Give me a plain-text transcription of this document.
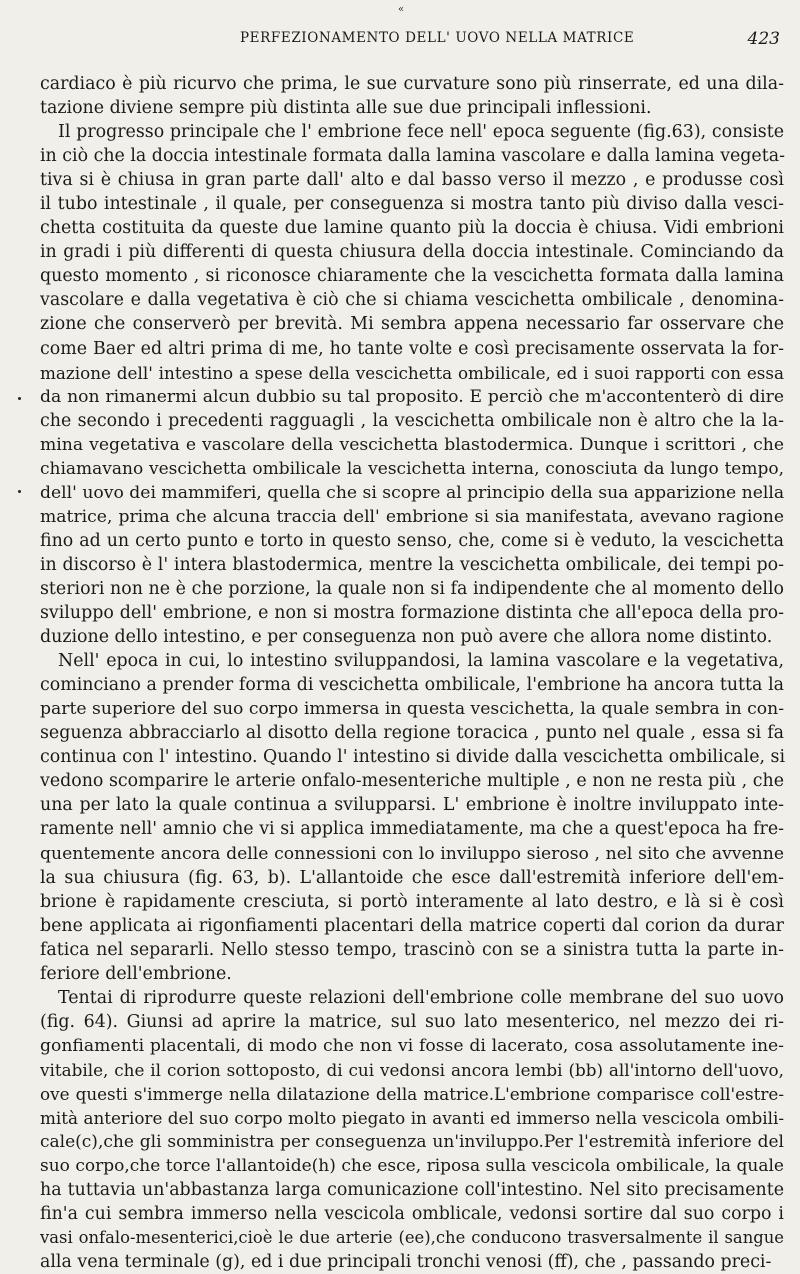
«
PERFEZIONAMENTO DELL' UOVO NELLA MATRICE	423
cardiaco è più ricurvo che prima, le sue curvature sono più rinserrate, ed una dila-
tazione diviene sempre più distinta alle sue due principali inflessioni.
Il progresso principale che l' embrione fece nell' epoca seguente (fig.63), consiste
in ciò che la doccia intestinale formata dalla lamina vascolare e dalla lamina vegeta-
tiva si è chiusa in gran parte dall' alto e dal basso verso il mezzo , e produsse così
il tubo intestinale , il quale, per conseguenza si mostra tanto più diviso dalla vesci-
chetta costituita da queste due lamine quanto più la doccia è chiusa. Vidi embrioni
in gradi i più differenti di questa chiusura della doccia intestinale. Cominciando da
questo momento , si riconosce chiaramente che la vescichetta formata dalla lamina
vascolare e dalla vegetativa è ciò che si chiama vescichetta ombilicale , denomina-
zione che conserverò per brevità. Mi sembra appena necessario far osservare che
come Baer ed altri prima di me, ho tante volte e così precisamente osservata la for-
mazione dell' intestino a spese della vescichetta ombilicale, ed i suoi rapporti con essa
da non rimanermi alcun dubbio su tal proposito. E perciò che m'accontenterò di dire
che secondo i precedenti ragguagli , la vescichetta ombilicale non è altro che la la-
mina vegetativa e vascolare della vescichetta blastodermica. Dunque i scrittori , che
chiamavano vescichetta ombilicale la vescichetta interna, conosciuta da lungo tempo,
dell' uovo dei mammiferi, quella che si scopre al principio della sua apparizione nella
matrice, prima che alcuna traccia dell' embrione si sia manifestata, avevano ragione
fino ad un certo punto e torto in questo senso, che, come si è veduto, la vescichetta
in discorso è l' intera blastodermica, mentre la vescichetta ombilicale, dei tempi po-
steriori non ne è che porzione, la quale non si fa indipendente che al momento dello
sviluppo dell' embrione, e non si mostra formazione distinta che all'epoca della pro-
duzione dello intestino, e per conseguenza non può avere che allora nome distinto.
Nell' epoca in cui, lo intestino sviluppandosi, la lamina vascolare e la vegetativa,
cominciano a prender forma di vescichetta ombilicale, l'embrione ha ancora tutta la
parte superiore del suo corpo immersa in questa vescichetta, la quale sembra in con-
seguenza abbracciarlo al disotto della regione toracica , punto nel quale , essa si fa
continua con l' intestino. Quando l' intestino si divide dalla vescichetta ombilicale, si
vedono scomparire le arterie onfalo-mesenteriche multiple , e non ne resta più , che
una per lato la quale continua a svilupparsi. L' embrione è inoltre inviluppato inte-
ramente nell' amnio che vi si applica immediatamente, ma che a quest'epoca ha fre-
quentemente ancora delle connessioni con lo inviluppo sieroso , nel sito che avvenne
la sua chiusura (fig. 63, b). L'allantoide che esce dall'estremità inferiore dell'em-
brione è rapidamente cresciuta, si portò interamente al lato destro, e là si è così
bene applicata ai rigonfiamenti placentari della matrice coperti dal corion da durar
fatica nel separarli. Nello stesso tempo, trascinò con se a sinistra tutta la parte in-
feriore dell'embrione.
Tentai di riprodurre queste relazioni dell'embrione colle membrane del suo uovo
(fig. 64). Giunsi ad aprire la matrice, sul suo lato mesenterico, nel mezzo dei ri-
gonfiamenti placentali, di modo che non vi fosse di lacerato, cosa assolutamente ine-
vitabile, che il corion sottoposto, di cui vedonsi ancora lembi (bb) all'intorno dell'uovo,
ove questi s'immerge nella dilatazione della matrice.L'embrione comparisce coll'estre-
mità anteriore del suo corpo molto piegato in avanti ed immerso nella vescicola ombili-
cale(c),che gli somministra per conseguenza un'inviluppo.Per l'estremità inferiore del
suo corpo,che torce l'allantoide(h) che esce, riposa sulla vescicola ombilicale, la quale
ha tuttavia un'abbastanza larga comunicazione coll'intestino. Nel sito precisamente
fin'a cui sembra immerso nella vescicola omblicale, vedonsi sortire dal suo corpo i
vasi onfalo-mesenterici,cioè le due arterie (ee),che conducono trasversalmente il sangue
alla vena terminale (g), ed i due principali tronchi venosi (ff), che , passando preci-
